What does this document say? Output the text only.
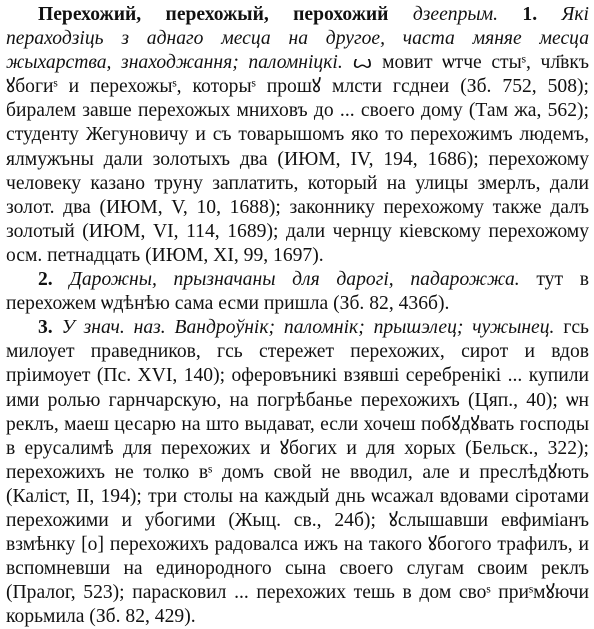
Перехожий, перехожый, перохожий дзеепрым. 1. Які пераходзіць з аднаго месца на другое, часта мяняе месца жыхарства, знаходжання; паломніцкі. ꙍ мовит ѡтче стыˢ, чл҃вкъ ꙋбогиˢ и перехожыˢ, которыˢ прошꙋ млсти гсднеи (Зб. 752, 508); биралем завше перехожых мниховъ до ... своего дому (Там жа, 562); студенту Жегуновичу и съ товарышомъ яко то перехожимъ людемъ, ялмужъны дали золотыхъ два (ИЮМ, IV, 194, 1686); перехожому человеку казано труну заплатить, который на улицы змерлъ, дали золот. два (ИЮМ, V, 10, 1688); законнику перехожому также далъ золотый (ИЮМ, VI, 114, 1689); дали чернцу кіевскому перехожому осм. петнадцать (ИЮМ, XI, 99, 1697).

2. Дарожны, прызначаны для дарогі, падарожжа. тут в перехожем ѡдѣнѣю сама есми пришла (Зб. 82, 436б).

3. У знач. наз. Вандроўнік; паломнік; прышэлец; чужынец. гсь милоует праведников, гсь стережет перехожих, сирот и вдов пріимоует (Пс. XVI, 140); оферовъникі взявші серебренікі ... купили ими ролью гарнчарскую, на погрѣбанье перехожихъ (Цяп., 40); ѡн реклъ, маеш цесарю на што выдават, если хочеш побꙋдꙋвать господы в ерусалимѣ для перехожих и ꙋбогих и для хорых (Бельск., 322); перехожихъ не толко вˢ домъ свой не вводил, але и преслѣдꙋють (Каліст, II, 194); три столы на каждый днь ѡсажал вдовами сіротами перехожими и убогими (Жыц. св., 24б); ꙋслышавши евфиміанъ взмѣнку [о] перехожихъ радовалса ижъ на такого ꙋбогого трафилъ, и вспомневши на единородного сына своего слугам своим реклъ (Пралог, 523); парасковил ... перехожих тешь в дом своˢ приˢмꙋючи корьмила (Зб. 82, 429).
